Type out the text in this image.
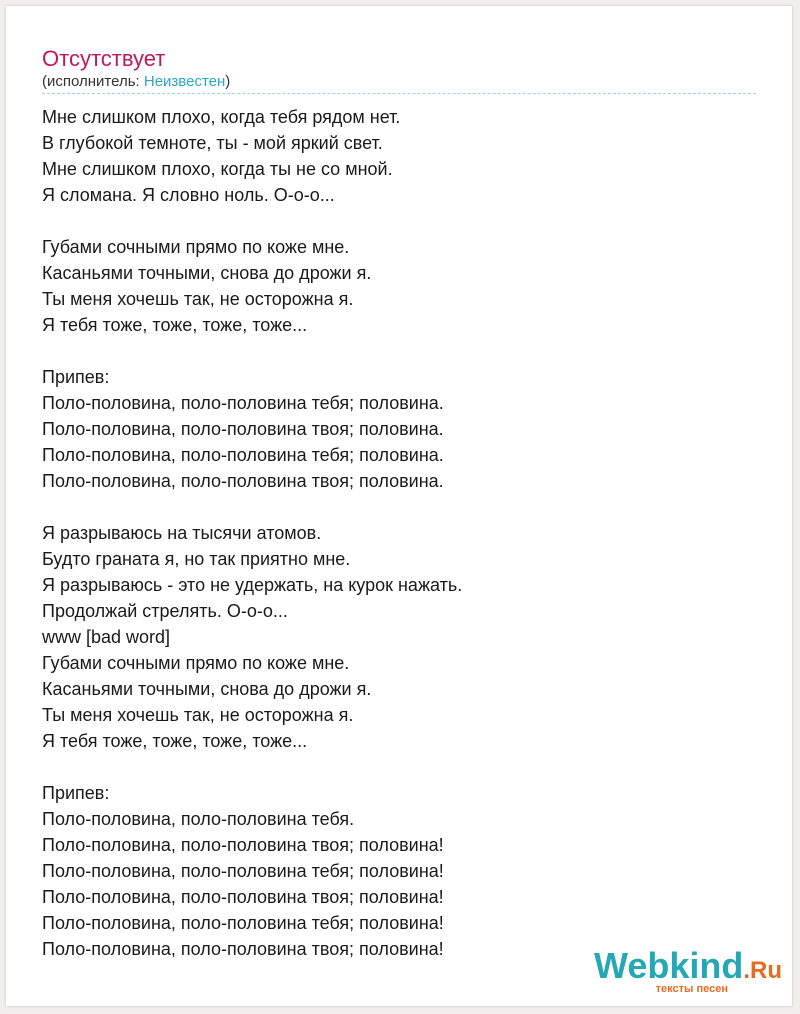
Отсутствует
(исполнитель: Неизвестен)
Мне слишком плохо, когда тебя рядом нет.
В глубокой темноте, ты - мой яркий свет.
Мне слишком плохо, когда ты не со мной.
Я сломана. Я словно ноль. О-о-о...
Губами сочными прямо по коже мне.
Касаньями точными, снова до дрожи я.
Ты меня хочешь так, не осторожна я.
Я тебя тоже, тоже, тоже, тоже...
Припев:
Поло-половина, поло-половина тебя; половина.
Поло-половина, поло-половина твоя; половина.
Поло-половина, поло-половина тебя; половина.
Поло-половина, поло-половина твоя; половина.
Я разрываюсь на тысячи атомов.
Будто граната я, но так приятно мне.
Я разрываюсь - это не удержать, на курок нажать.
Продолжай стрелять. О-о-о...
www [bad word]
Губами сочными прямо по коже мне.
Касаньями точными, снова до дрожи я.
Ты меня хочешь так, не осторожна я.
Я тебя тоже, тоже, тоже, тоже...
Припев:
Поло-половина, поло-половина тебя.
Поло-половина, поло-половина твоя; половина!
Поло-половина, поло-половина тебя; половина!
Поло-половина, поло-половина твоя; половина!
Поло-половина, поло-половина тебя; половина!
Поло-половина, поло-половина твоя; половина!	Webkind.Ru
тексты песен
